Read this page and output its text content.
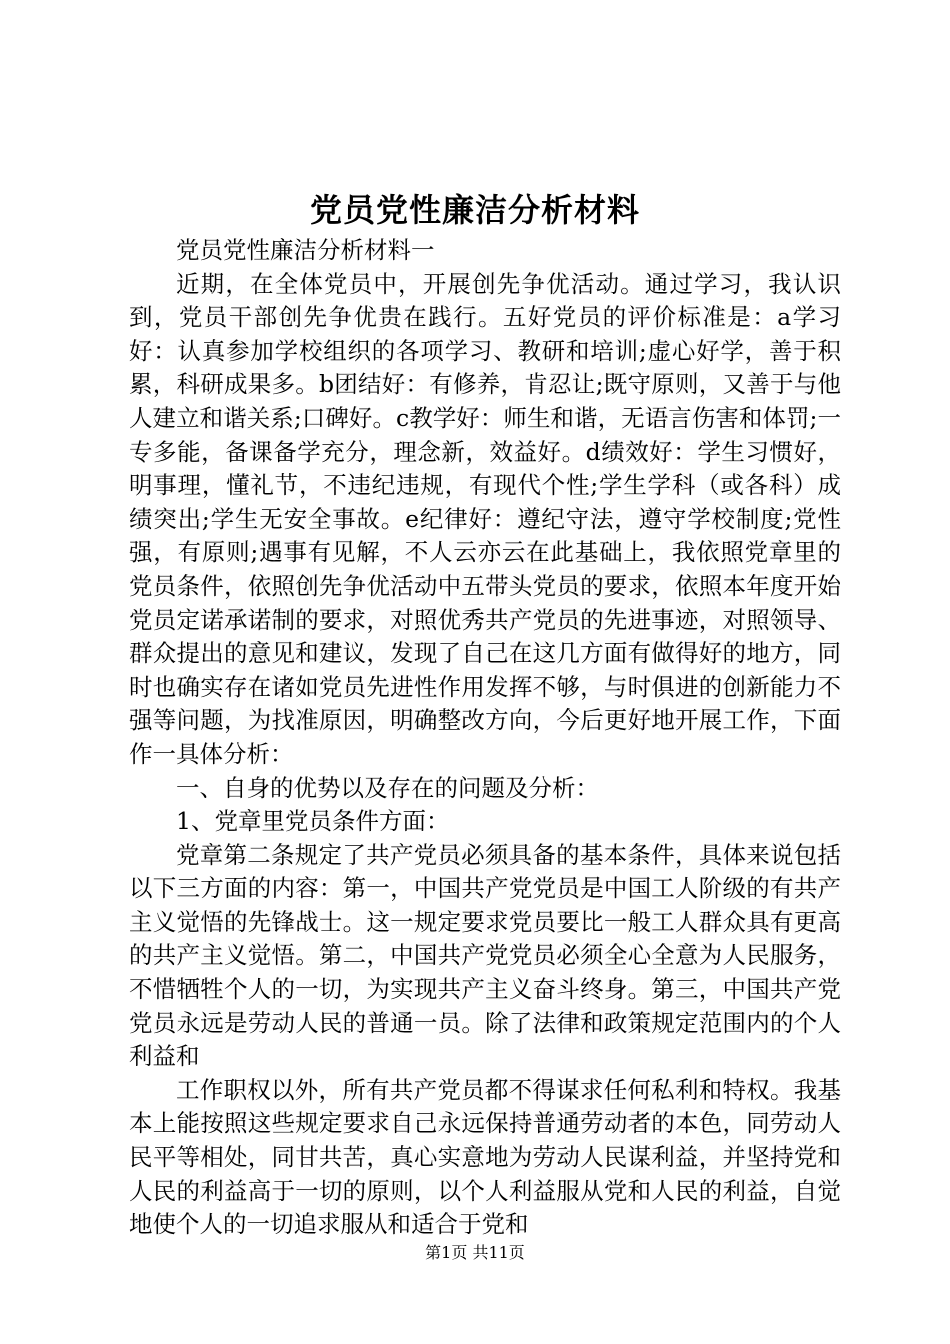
党员党性廉洁分析材料

党员党性廉洁分析材料一

近期，在全体党员中，开展创先争优活动。通过学习，我认识到，党员干部创先争优贵在践行。五好党员的评价标准是：a学习好：认真参加学校组织的各项学习、教研和培训;虚心好学，善于积累，科研成果多。b团结好：有修养，肯忍让;既守原则，又善于与他人建立和谐关系;口碑好。c教学好：师生和谐，无语言伤害和体罚;一专多能，备课备学充分，理念新，效益好。d绩效好：学生习惯好，明事理，懂礼节，不违纪违规，有现代个性;学生学科（或各科）成绩突出;学生无安全事故。e纪律好：遵纪守法，遵守学校制度;党性强，有原则;遇事有见解，不人云亦云在此基础上，我依照党章里的党员条件，依照创先争优活动中五带头党员的要求，依照本年度开始党员定诺承诺制的要求，对照优秀共产党员的先进事迹，对照领导、群众提出的意见和建议，发现了自己在这几方面有做得好的地方，同时也确实存在诸如党员先进性作用发挥不够，与时俱进的创新能力不强等问题，为找准原因，明确整改方向，今后更好地开展工作，下面作一具体分析：

一、自身的优势以及存在的问题及分析：

1、党章里党员条件方面：

党章第二条规定了共产党员必须具备的基本条件，具体来说包括以下三方面的内容：第一，中国共产党党员是中国工人阶级的有共产主义觉悟的先锋战士。这一规定要求党员要比一般工人群众具有更高的共产主义觉悟。第二，中国共产党党员必须全心全意为人民服务，不惜牺牲个人的一切，为实现共产主义奋斗终身。第三，中国共产党党员永远是劳动人民的普通一员。除了法律和政策规定范围内的个人利益和

工作职权以外，所有共产党员都不得谋求任何私利和特权。我基本上能按照这些规定要求自己永远保持普通劳动者的本色，同劳动人民平等相处，同甘共苦，真心实意地为劳动人民谋利益，并坚持党和人民的利益高于一切的原则，以个人利益服从党和人民的利益，自觉地使个人的一切追求服从和适合于党和

第1页 共11页
